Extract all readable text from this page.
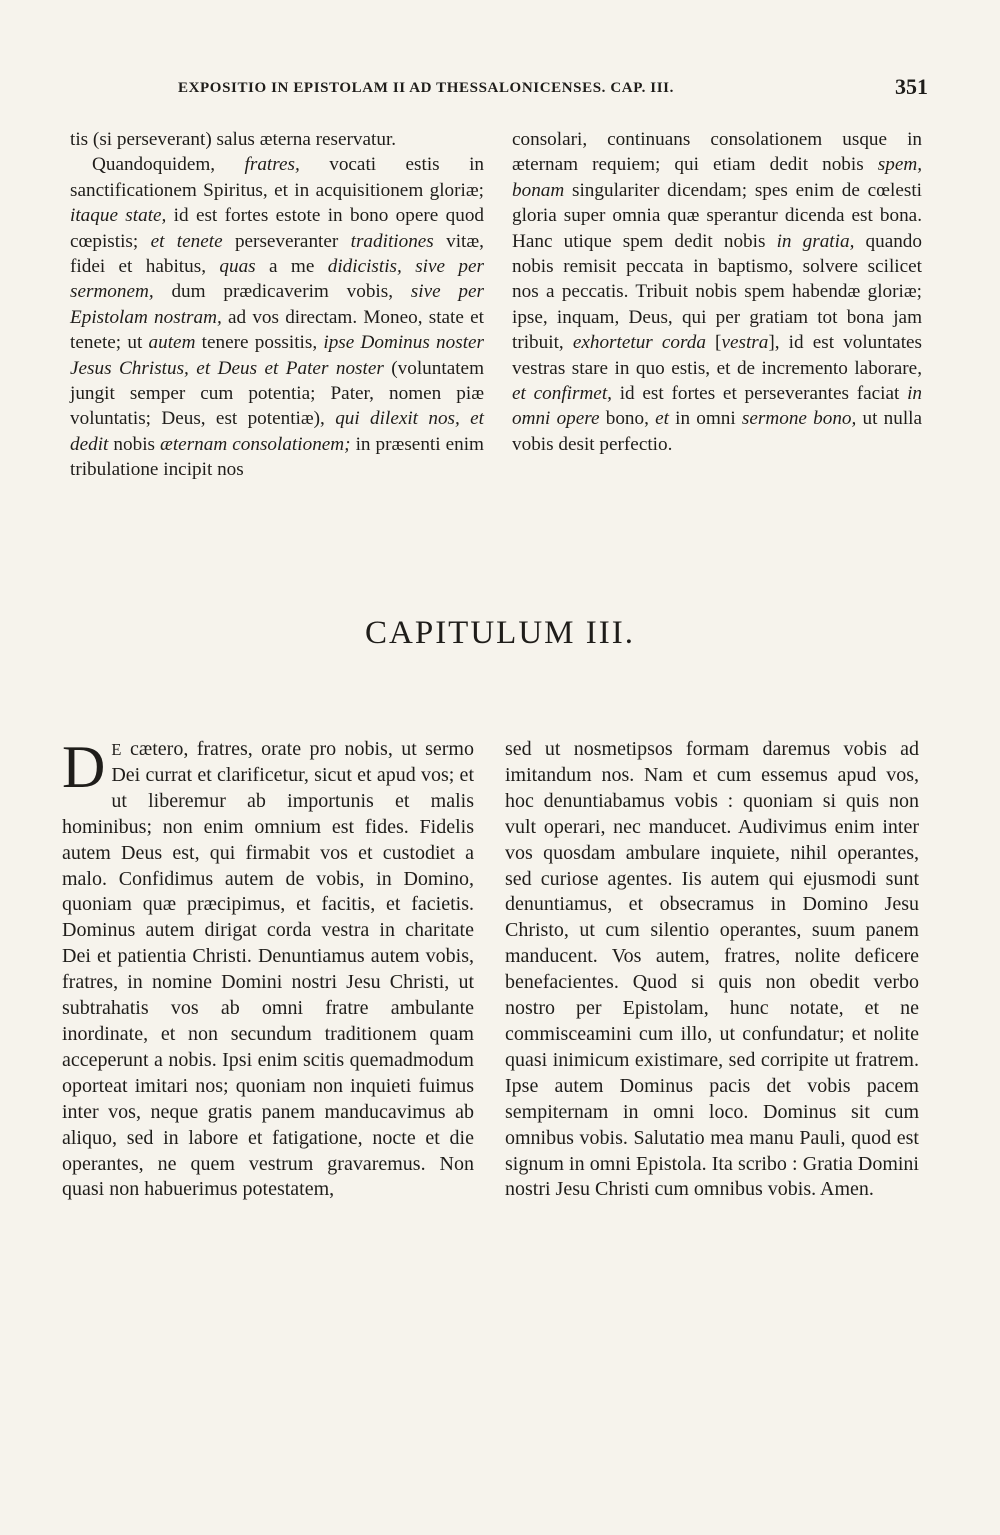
EXPOSITIO IN EPISTOLAM II AD THESSALONICENSES. CAP. III.	351

tis (si perseverant) salus æterna reservatur.

Quandoquidem, fratres, vocati estis in sanctificationem Spiritus, et in acquisitionem gloriæ; itaque state, id est fortes estote in bono opere quod cœpistis; et tenete perseveranter traditiones vitæ, fidei et habitus, quas a me didicistis, sive per sermonem, dum prædicaverim vobis, sive per Epistolam nostram, ad vos directam. Moneo, state et tenete; ut autem tenere possitis, ipse Dominus noster Jesus Christus, et Deus et Pater noster (voluntatem jungit semper cum potentia; Pater, nomen piæ voluntatis; Deus, est potentiæ), qui dilexit nos, et dedit nobis æternam consolationem; in præsenti enim tribulatione incipit nos

consolari, continuans consolationem usque in æternam requiem; qui etiam dedit nobis spem, bonam singulariter dicendam; spes enim de cœlesti gloria super omnia quæ sperantur dicenda est bona. Hanc utique spem dedit nobis in gratia, quando nobis remisit peccata in baptismo, solvere scilicet nos a peccatis. Tribuit nobis spem habendæ gloriæ; ipse, inquam, Deus, qui per gratiam tot bona jam tribuit, exhortetur corda [vestra], id est voluntates vestras stare in quo estis, et de incremento laborare, et confirmet, id est fortes et perseverantes faciat in omni opere bono, et in omni sermone bono, ut nulla vobis desit perfectio.

CAPITULUM III.

D E cætero, fratres, orate pro nobis, ut sermo Dei currat et clarificetur, sicut et apud vos; et ut liberemur ab importunis et malis hominibus; non enim omnium est fides. Fidelis autem Deus est, qui firmabit vos et custodiet a malo. Confidimus autem de vobis, in Domino, quoniam quæ præcipimus, et facitis, et facietis. Dominus autem dirigat corda vestra in charitate Dei et patientia Christi. Denuntiamus autem vobis, fratres, in nomine Domini nostri Jesu Christi, ut subtrahatis vos ab omni fratre ambulante inordinate, et non secundum traditionem quam acceperunt a nobis. Ipsi enim scitis quemadmodum oporteat imitari nos; quoniam non inquieti fuimus inter vos, neque gratis panem manducavimus ab aliquo, sed in labore et fatigatione, nocte et die operantes, ne quem vestrum gravaremus. Non quasi non habuerimus potestatem,

sed ut nosmetipsos formam daremus vobis ad imitandum nos. Nam et cum essemus apud vos, hoc denuntiabamus vobis : quoniam si quis non vult operari, nec manducet. Audivimus enim inter vos quosdam ambulare inquiete, nihil operantes, sed curiose agentes. Iis autem qui ejusmodi sunt denuntiamus, et obsecramus in Domino Jesu Christo, ut cum silentio operantes, suum panem manducent. Vos autem, fratres, nolite deficere benefacientes. Quod si quis non obedit verbo nostro per Epistolam, hunc notate, et ne commisceamini cum illo, ut confundatur; et nolite quasi inimicum existimare, sed corripite ut fratrem. Ipse autem Dominus pacis det vobis pacem sempiternam in omni loco. Dominus sit cum omnibus vobis. Salutatio mea manu Pauli, quod est signum in omni Epistola. Ita scribo : Gratia Domini nostri Jesu Christi cum omnibus vobis. Amen.
